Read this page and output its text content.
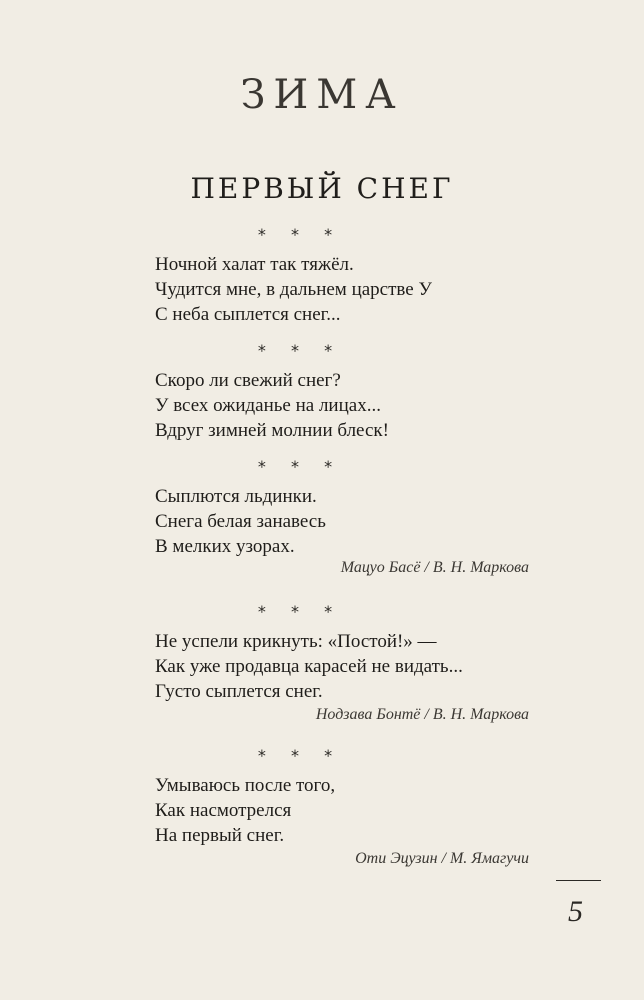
ЗИМА
ПЕРВЫЙ СНЕГ
* * *
Ночной халат так тяжёл.
Чудится мне, в дальнем царстве У
С неба сыплется снег...
* * *
Скоро ли свежий снег?
У всех ожиданье на лицах...
Вдруг зимней молнии блеск!
* * *
Сыплются льдинки.
Снега белая занавесь
В мелких узорах.
Мацуо Басё / В. Н. Маркова
* * *
Не успели крикнуть: «Постой!» —
Как уже продавца карасей не видать...
Густо сыплется снег.
Нодзава Бонтё / В. Н. Маркова
* * *
Умываюсь после того,
Как насмотрелся
На первый снег.
Оти Эцузин / М. Ямагучи
5
